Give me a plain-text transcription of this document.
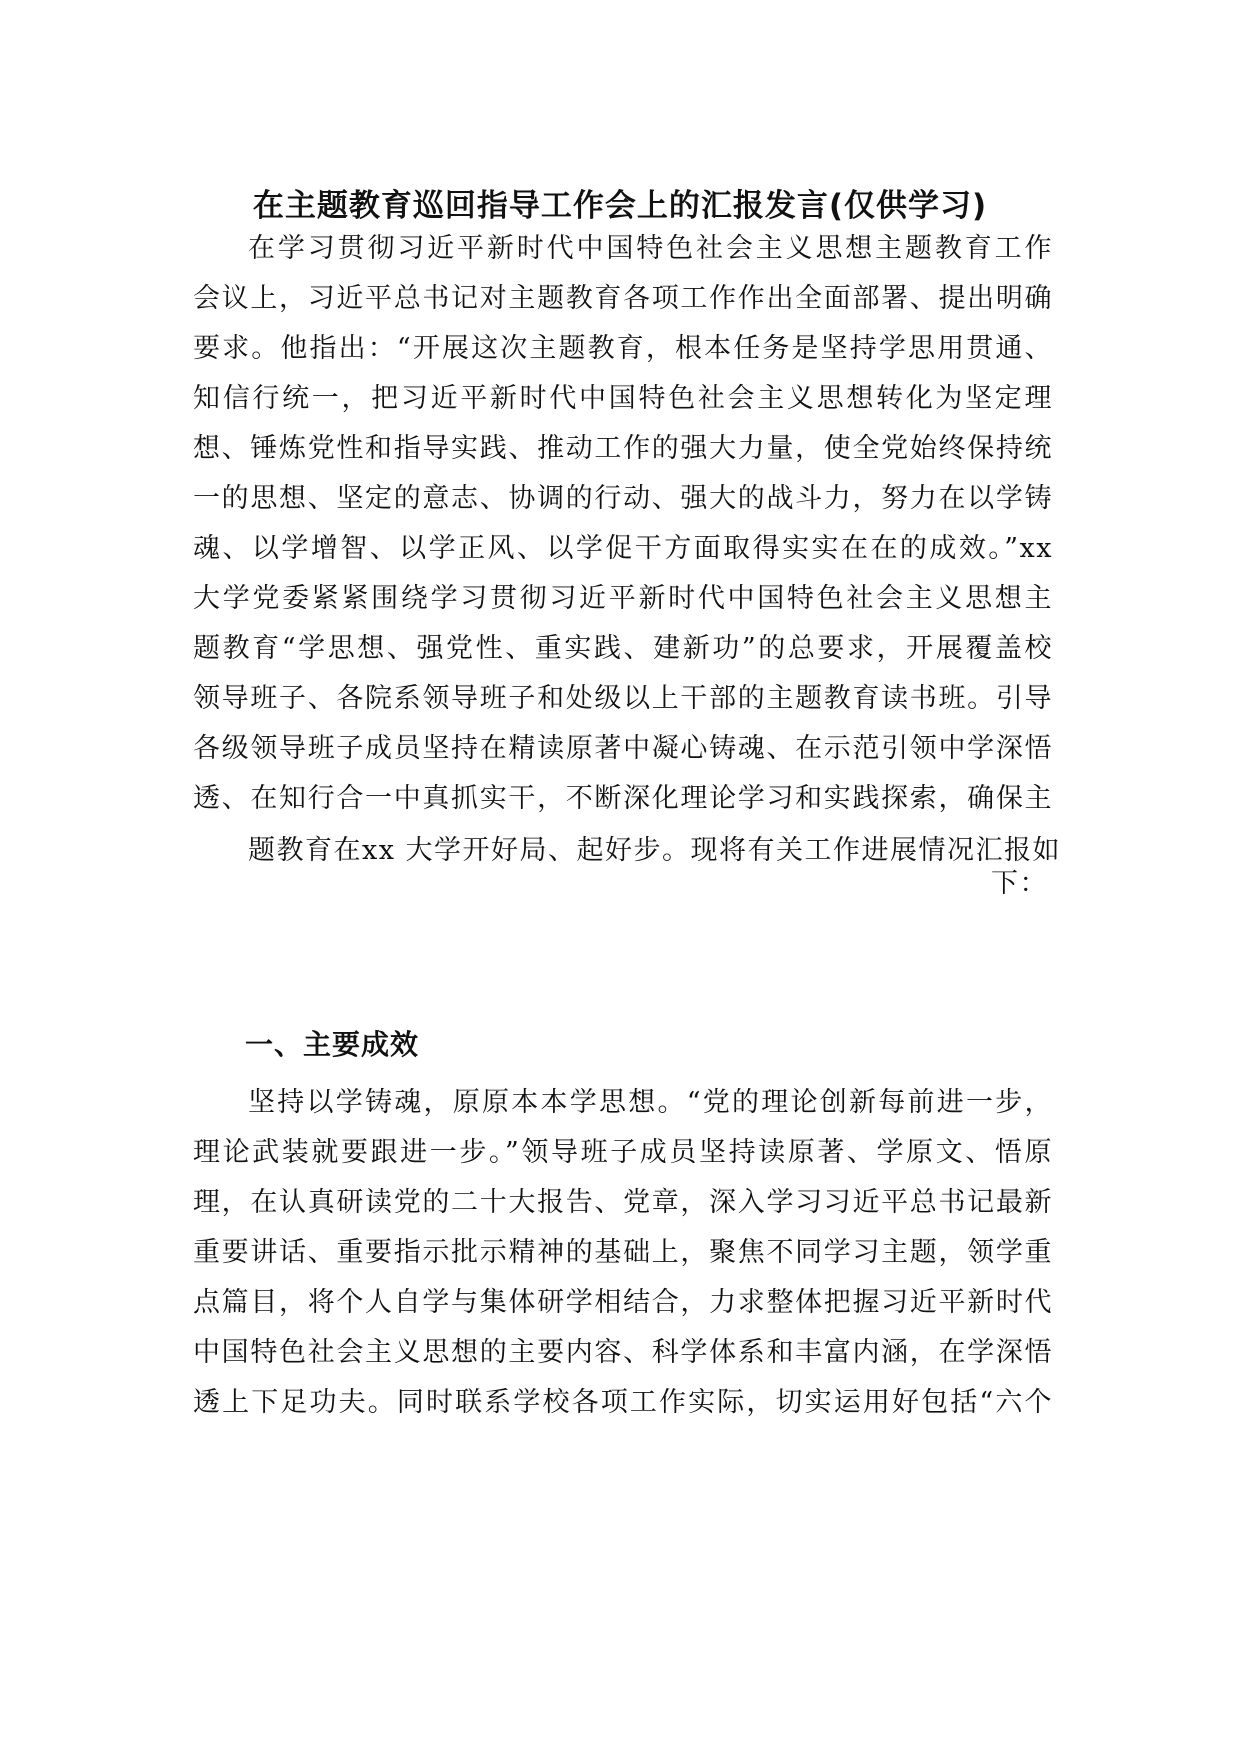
在主题教育巡回指导工作会上的汇报发言(仅供学习)
在学习贯彻习近平新时代中国特色社会主义思想主题教育工作
会议上，习近平总书记对主题教育各项工作作出全面部署、提出明确
要求。他指出：“开展这次主题教育，根本任务是坚持学思用贯通、
知信行统一，把习近平新时代中国特色社会主义思想转化为坚定理
想、锤炼党性和指导实践、推动工作的强大力量，使全党始终保持统
一的思想、坚定的意志、协调的行动、强大的战斗力，努力在以学铸
魂、以学增智、以学正风、以学促干方面取得实实在在的成效。”xx
大学党委紧紧围绕学习贯彻习近平新时代中国特色社会主义思想主
题教育“学思想、强党性、重实践、建新功”的总要求，开展覆盖校
领导班子、各院系领导班子和处级以上干部的主题教育读书班。引导
各级领导班子成员坚持在精读原著中凝心铸魂、在示范引领中学深悟
透、在知行合一中真抓实干，不断深化理论学习和实践探索，确保主
题教育在xx 大学开好局、起好步。现将有关工作进展情况汇报如
下：
一、主要成效
坚持以学铸魂，原原本本学思想。“党的理论创新每前进一步，
理论武装就要跟进一步。”领导班子成员坚持读原著、学原文、悟原
理，在认真研读党的二十大报告、党章，深入学习习近平总书记最新
重要讲话、重要指示批示精神的基础上，聚焦不同学习主题，领学重
点篇目，将个人自学与集体研学相结合，力求整体把握习近平新时代
中国特色社会主义思想的主要内容、科学体系和丰富内涵，在学深悟
透上下足功夫。同时联系学校各项工作实际，切实运用好包括“六个
